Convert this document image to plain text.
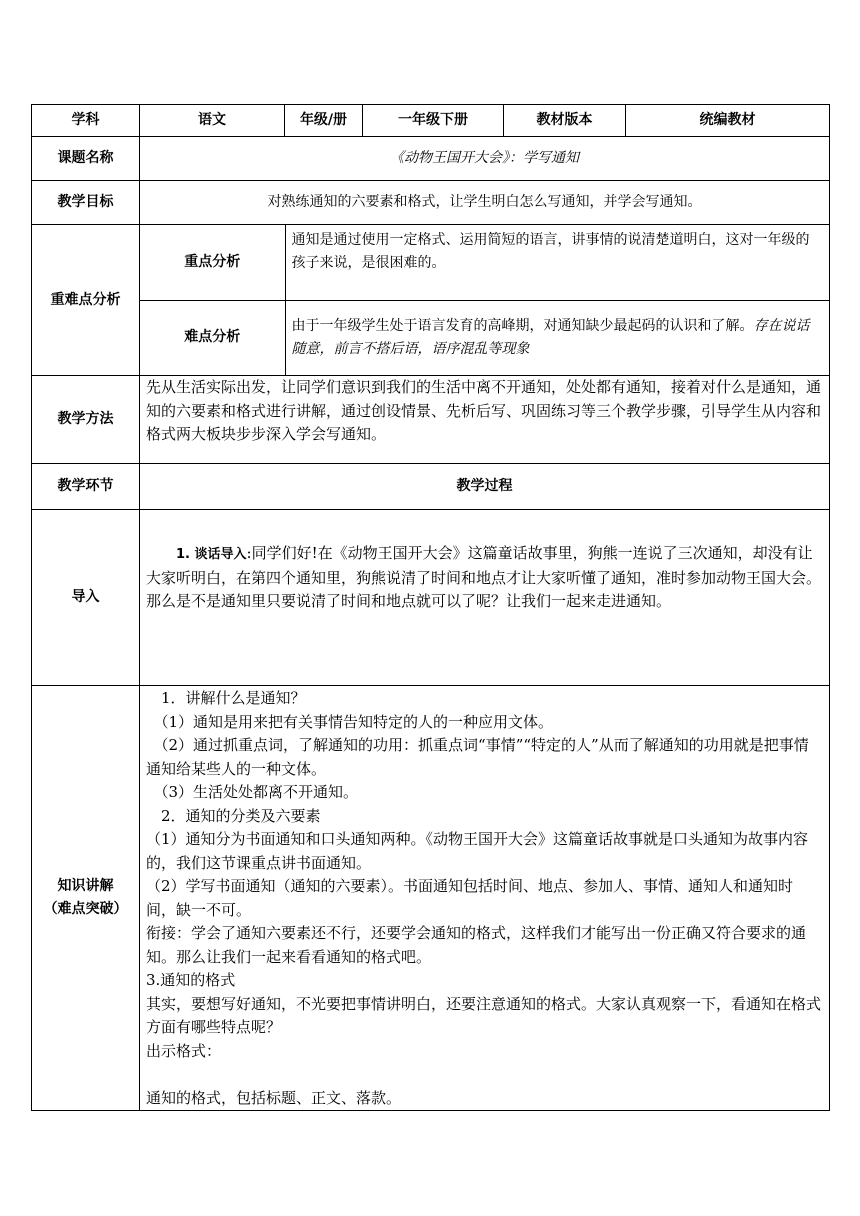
学科	语文	年级/册	一年级下册	教材版本	统编教材
课题名称	《动物王国开大会》：学写通知
教学目标	对熟练通知的六要素和格式，让学生明白怎么写通知，并学会写通知。
重难点分析	
重点分析	通知是通过使用一定格式、运用简短的语言，讲事情的说清楚道明白，这对一年级的孩子来说，是很困难的。
难点分析	由于一年级学生处于语言发育的高峰期，对通知缺少最起码的认识和了解。存在说话随意，前言不搭后语，语序混乱等现象

教学方法	先从生活实际出发，让同学们意识到我们的生活中离不开通知，处处都有通知，接着对什么是通知，通知的六要素和格式进行讲解，通过创设情景、先析后写、巩固练习等三个教学步骤，引导学生从内容和格式两大板块步步深入学会写通知。
教学环节	教学过程
导入	1. 谈话导入:同学们好!在《动物王国开大会》这篇童话故事里，狗熊一连说了三次通知，却没有让大家听明白，在第四个通知里，狗熊说清了时间和地点才让大家听懂了通知，准时参加动物王国大会。那么是不是通知里只要说清了时间和地点就可以了呢？让我们一起来走进通知。

知识讲解
（难点突破）

　1．讲解什么是通知？
　（1）通知是用来把有关事情告知特定的人的一种应用文体。
　（2）通过抓重点词，了解通知的功用：抓重点词“事情”“特定的人”从而了解通知的功用就是把事情通知给某些人的一种文体。
　（3）生活处处都离不开通知。
　2．通知的分类及六要素
（1）通知分为书面通知和口头通知两种。《动物王国开大会》这篇童话故事就是口头通知为故事内容的，我们这节课重点讲书面通知。
（2）学写书面通知（通知的六要素）。书面通知包括时间、地点、参加人、事情、通知人和通知时间，缺一不可。
衔接：学会了通知六要素还不行，还要学会通知的格式，这样我们才能写出一份正确又符合要求的通知。那么让我们一起来看看通知的格式吧。
3.通知的格式
其实，要想写好通知，不光要把事情讲明白，还要注意通知的格式。大家认真观察一下，看通知在格式方面有哪些特点呢？
出示格式：
通知的格式，包括标题、正文、落款。
